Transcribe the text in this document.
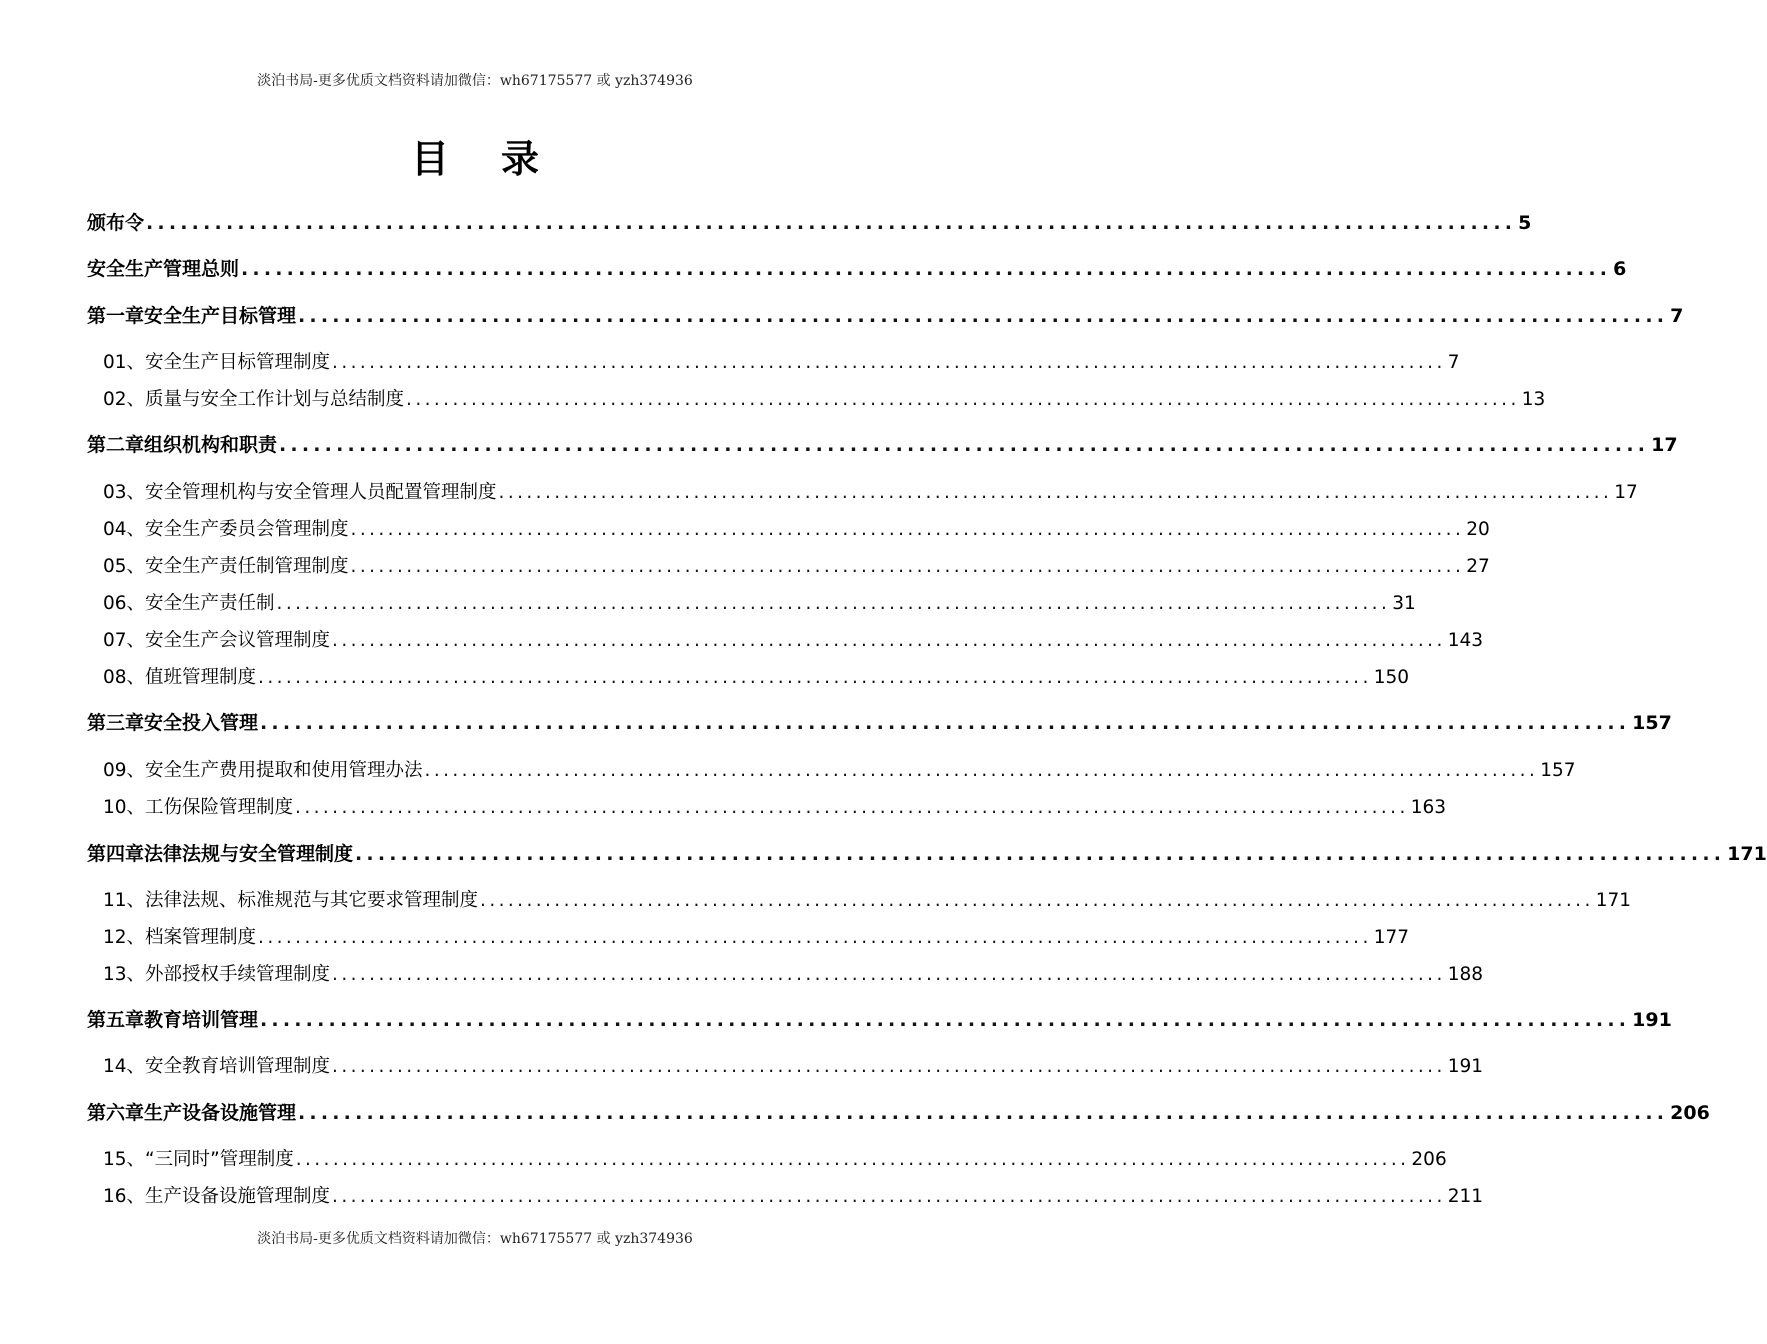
淡泊书局-更多优质文档资料请加微信：wh67175577 或 yzh374936
目录
颁布令 ........................................................................................................................ 5
安全生产管理总则 ........................................................................................................................ 6
第一章安全生产目标管理 ........................................................................................................................ 7
01、安全生产目标管理制度 ........................................................................................................................ 7
02、质量与安全工作计划与总结制度 ........................................................................................................................ 13
第二章组织机构和职责 ........................................................................................................................ 17
03、安全管理机构与安全管理人员配置管理制度 ........................................................................................................................ 17
04、安全生产委员会管理制度 ........................................................................................................................ 20
05、安全生产责任制管理制度 ........................................................................................................................ 27
06、安全生产责任制 ........................................................................................................................ 31
07、安全生产会议管理制度 ........................................................................................................................ 143
08、值班管理制度 ........................................................................................................................ 150
第三章安全投入管理 ........................................................................................................................ 157
09、安全生产费用提取和使用管理办法 ........................................................................................................................ 157
10、工伤保险管理制度 ........................................................................................................................ 163
第四章法律法规与安全管理制度 ........................................................................................................................ 171
11、法律法规、标准规范与其它要求管理制度 ........................................................................................................................ 171
12、档案管理制度 ........................................................................................................................ 177
13、外部授权手续管理制度 ........................................................................................................................ 188
第五章教育培训管理 ........................................................................................................................ 191
14、安全教育培训管理制度 ........................................................................................................................ 191
第六章生产设备设施管理 ........................................................................................................................ 206
15、“三同时”管理制度 ........................................................................................................................ 206
16、生产设备设施管理制度 ........................................................................................................................ 211
淡泊书局-更多优质文档资料请加微信：wh67175577 或 yzh374936
